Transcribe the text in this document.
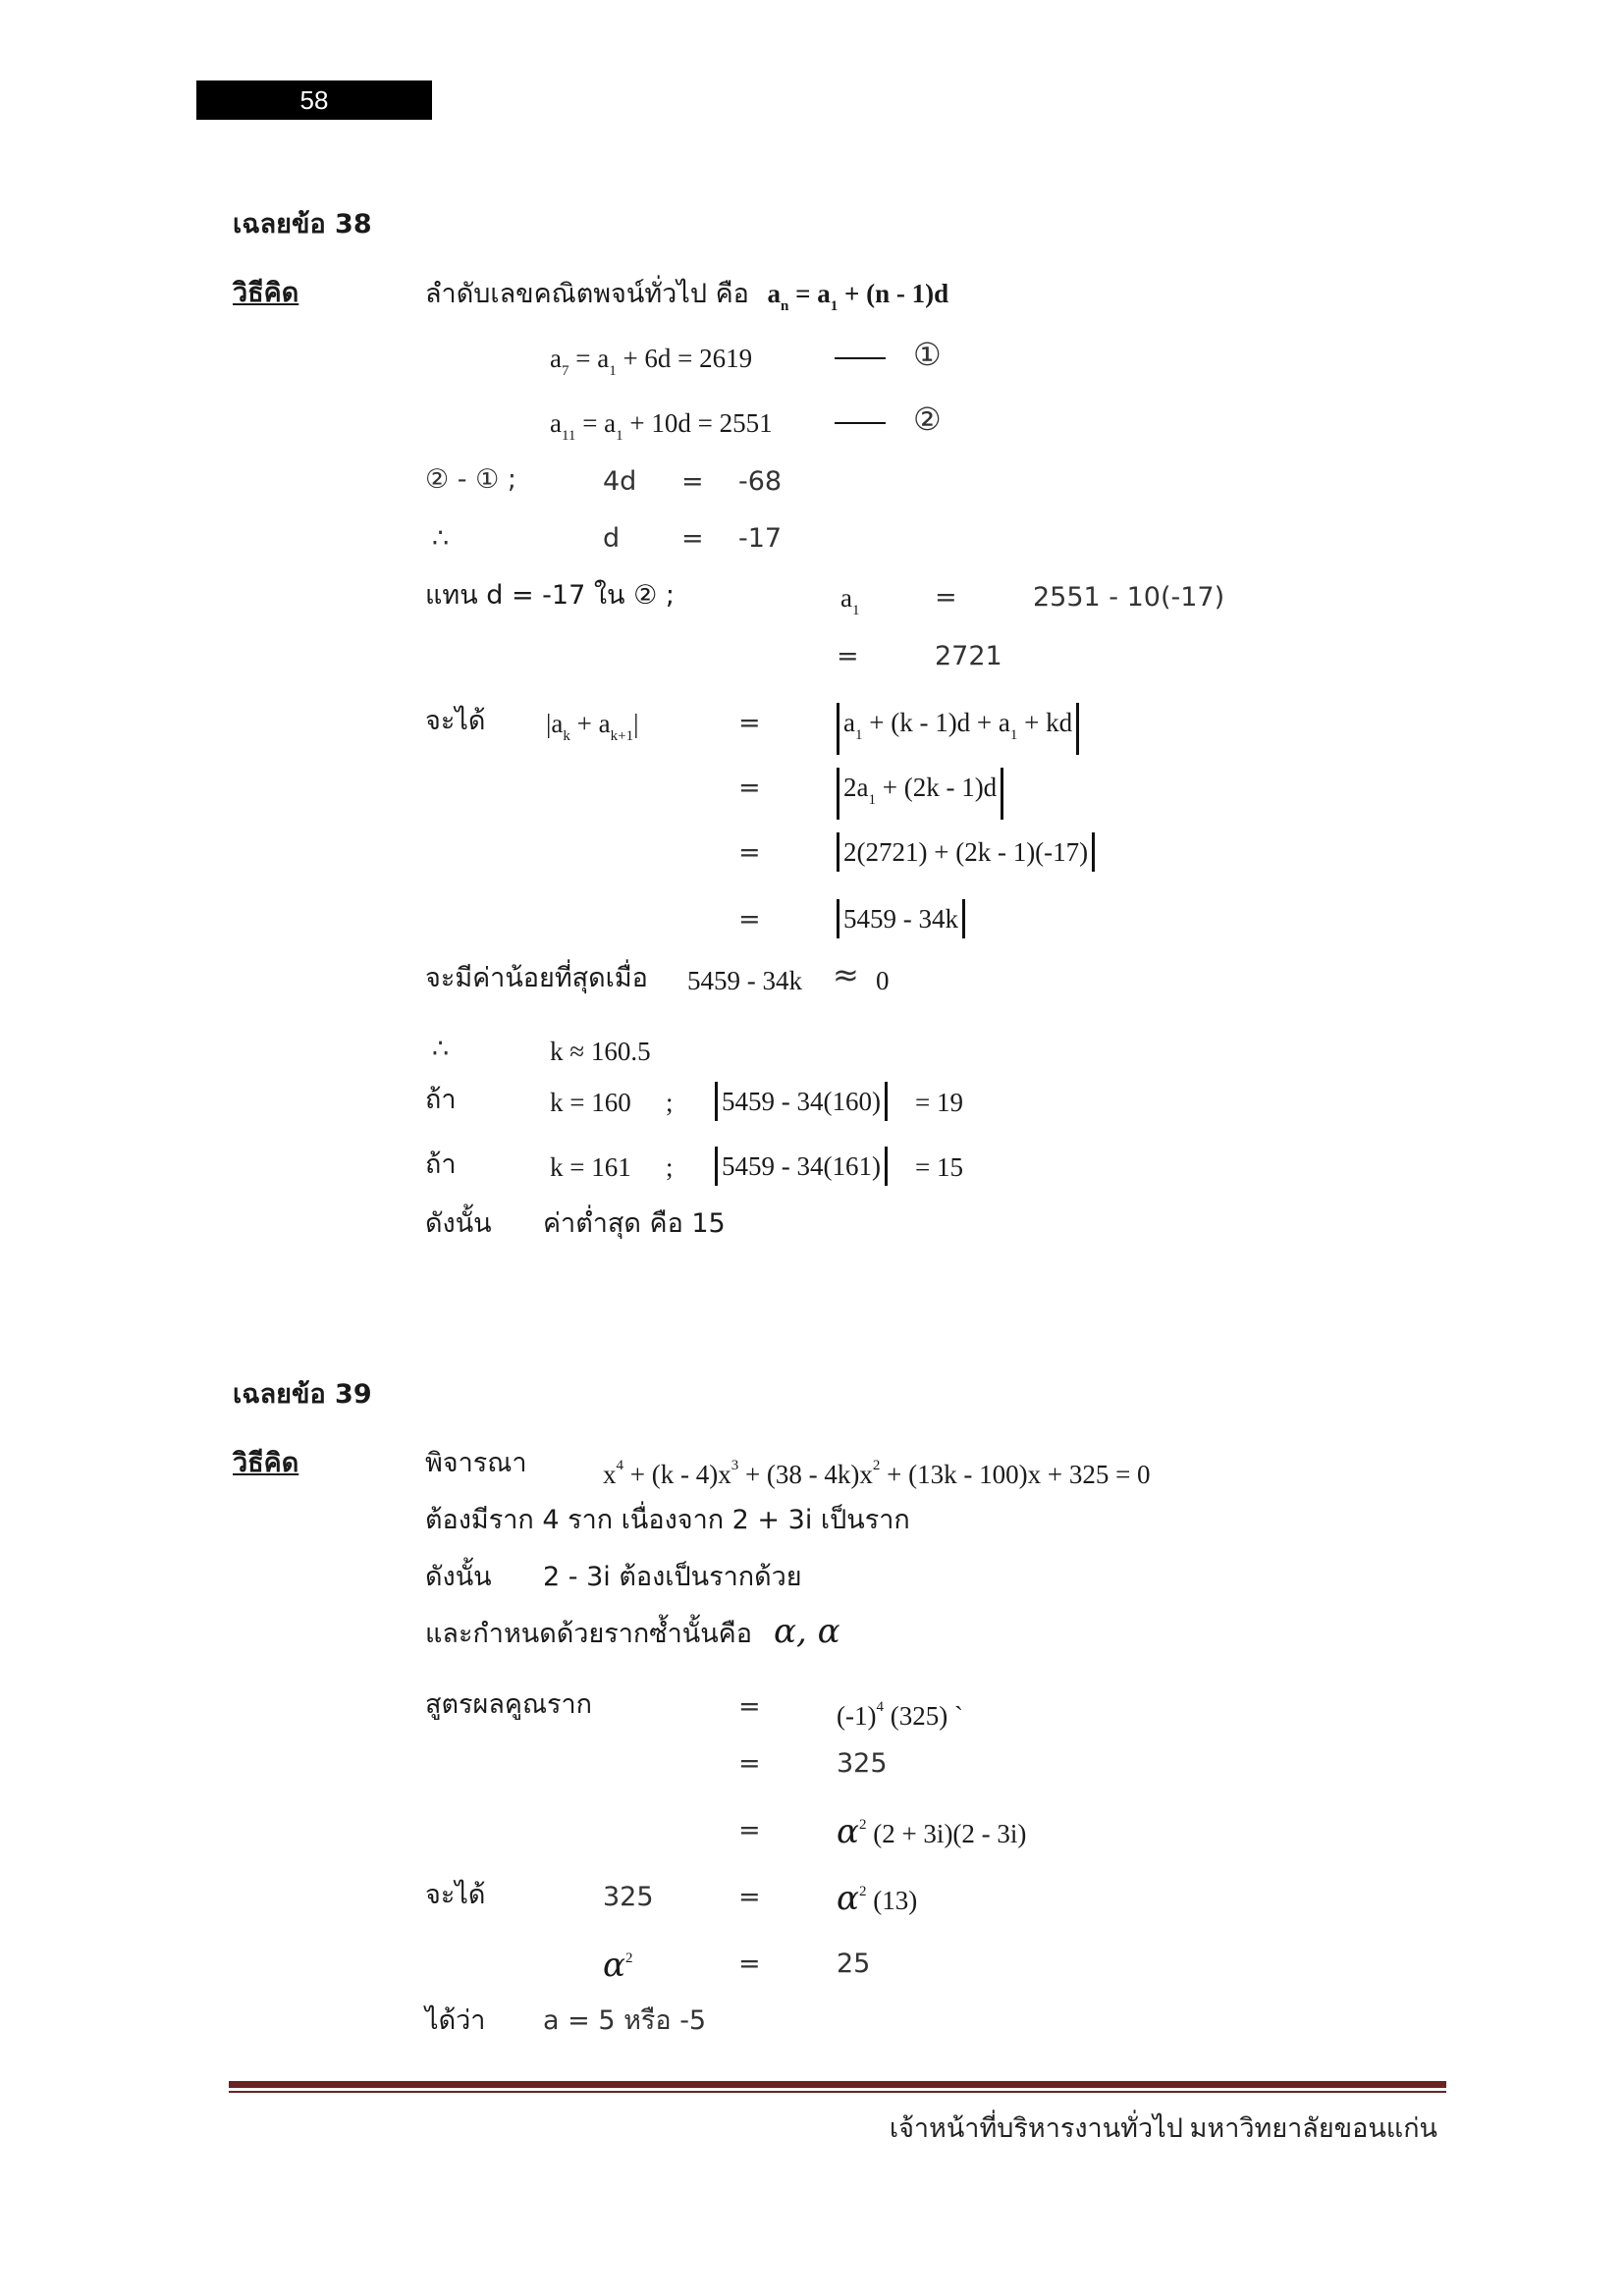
58
เฉลยข้อ 38
วิธีคิด	ลำดับเลขคณิตพจน์ทั่วไป คือ $a_n = a_1 + (n - 1)d$
$a_7 = a_1 + 6d = 2619$	①
$a_{11} = a_1 + 10d = 2551$	②
② - ① ;	4d = -68
∴	d = -17
แทน d = -17 ใน ② ;	$a_1$	=	2551 - 10(-17)
=	2721
จะได้ $|a_k + a_{k+1}|$	=	$a_1 + (k - 1)d + a_1$ + kd
=	$2a_1 + (2k - 1)d$
=	2(2721) + (2k - 1)(-17)
=	5459 - 34k
จะมีค่าน้อยที่สุดเมื่อ 5459 - 34k ≈ 0
∴	k ≈ 160.5
ถ้า	k = 160 ; 5459 - 34(160) = 19
ถ้า	k = 161 ; 5459 - 34(161) = 15
ดังนั้น ค่าต่ำสุด คือ 15
เฉลยข้อ 39
วิธีคิด	พิจารณา	$x^4 + (k - 4)x^3 + (38 - 4k)x^2 + (13k - 100)x + 325 = 0$
ต้องมีราก 4 ราก เนื่องจาก 2 + 3i เป็นราก
ดังนั้น 2 - 3i ต้องเป็นรากด้วย
และกำหนดด้วยรากซ้ำนั้นคือ α, α
สูตรผลคูณราก	=	$(-1)^4$ (325) `
=	325
= $\alpha^2$ (2 + 3i)(2 - 3i)
จะได้	325	= $\alpha^2$ (13)
$\alpha^2$	=	25
ได้ว่า a = 5 หรือ -5
เจ้าหน้าที่บริหารงานทั่วไป มหาวิทยาลัยขอนแก่น
